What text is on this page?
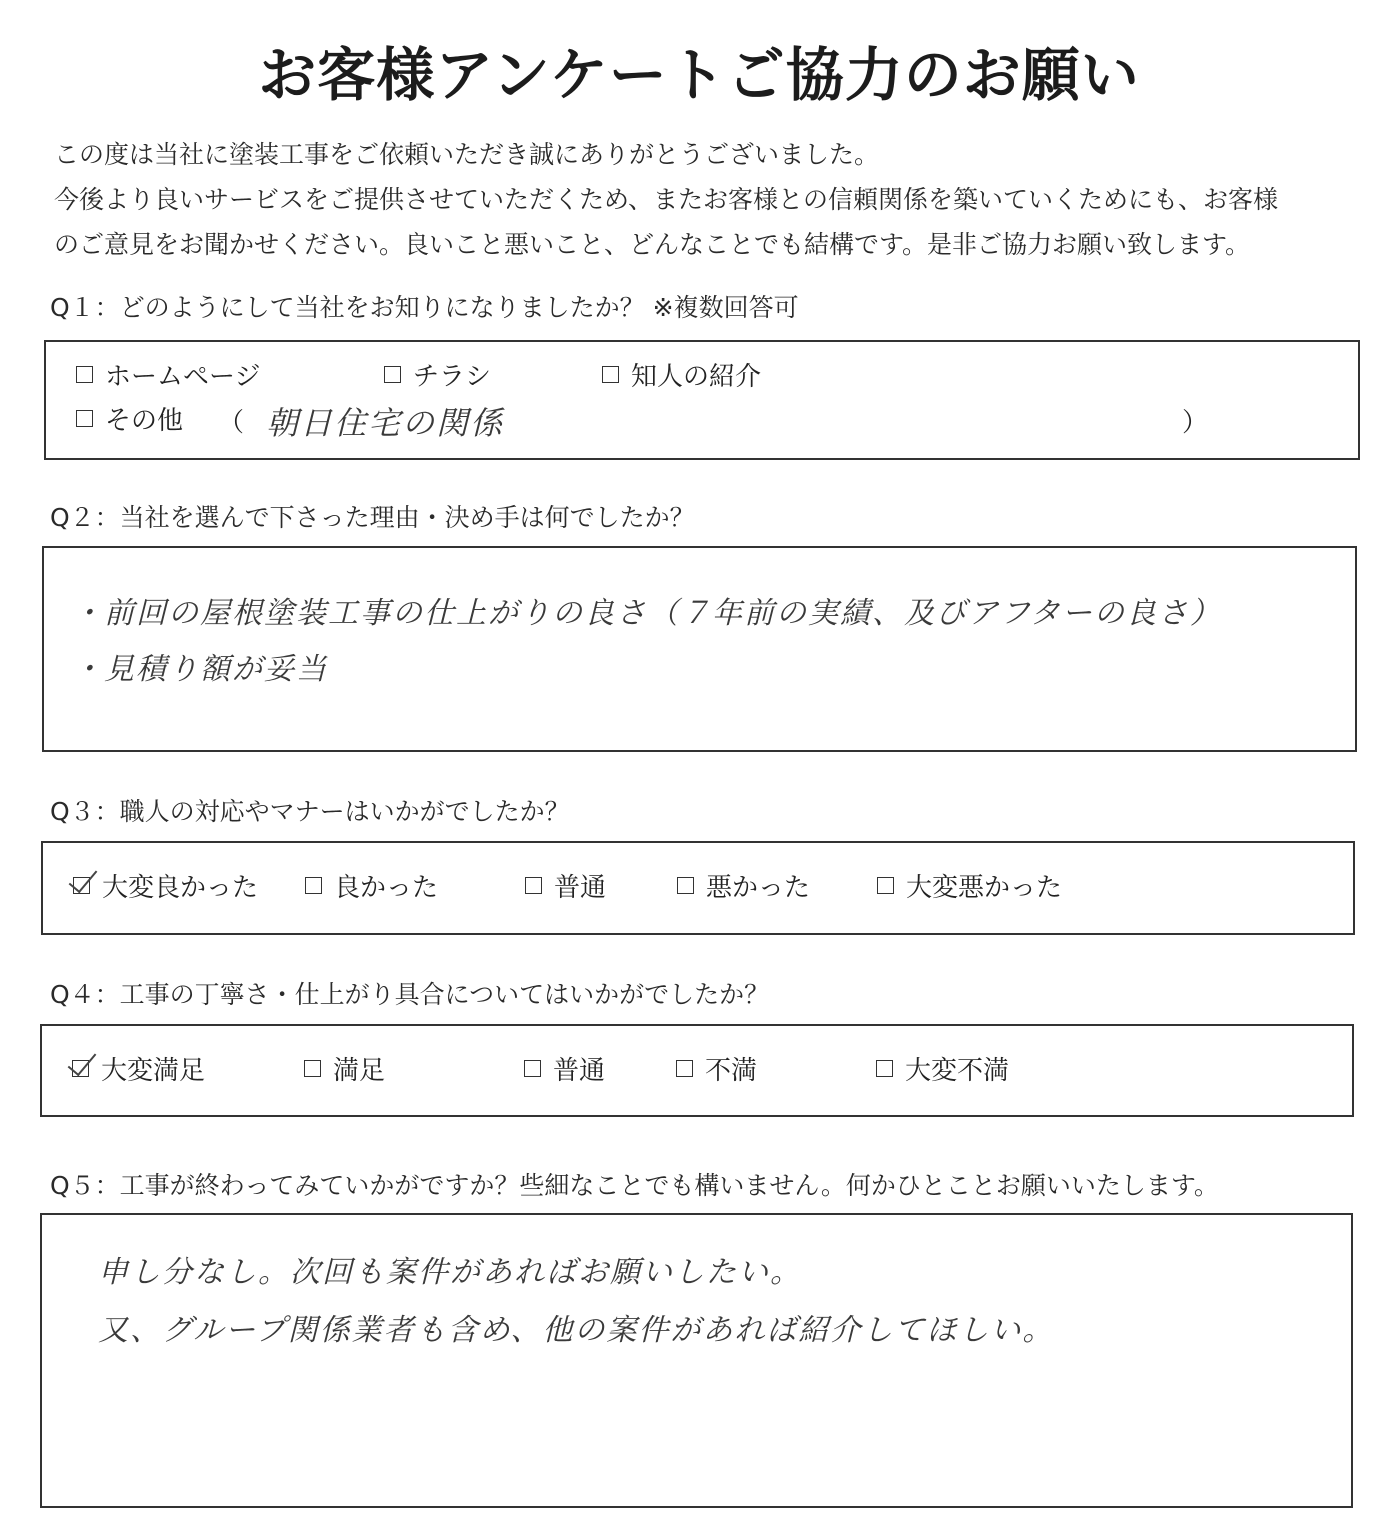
お客様アンケートご協力のお願い
この度は当社に塗装工事をご依頼いただき誠にありがとうございました。
今後より良いサービスをご提供させていただくため、またお客様との信頼関係を築いていくためにも、お客様
のご意見をお聞かせください。良いこと悪いこと、どんなことでも結構です。是非ご協力お願い致します。
Q１：どのようにして当社をお知りになりましたか？ ※複数回答可
ホームページ	チラシ	知人の紹介
その他 （ 朝日住宅の関係	）
Q２：当社を選んで下さった理由・決め手は何でしたか？
・前回の屋根塗装工事の仕上がりの良さ（７年前の実績、及びアフターの良さ）
・見積り額が妥当
Q３：職人の対応やマナーはいかがでしたか？
大変良かった	良かった	普通	悪かった	大変悪かった
Q４：工事の丁寧さ・仕上がり具合についてはいかがでしたか？
大変満足	満足	普通	不満	大変不満
Q５：工事が終わってみていかがですか？些細なことでも構いません。何かひとことお願いいたします。
申し分なし。次回も案件があればお願いしたい。
又、グループ関係業者も含め、他の案件があれば紹介してほしい。
